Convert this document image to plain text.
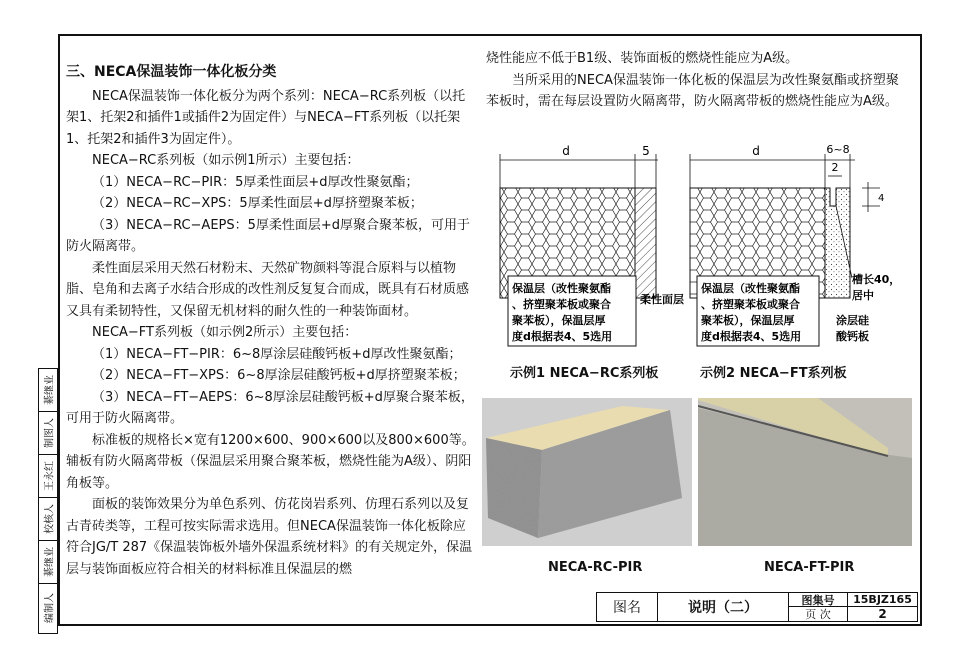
三、NECA保温装饰一体化板分类

NECA保温装饰一体化板分为两个系列：NECA−RC系列板（以托架1、托架2和插件1或插件2为固定件）与NECA−FT系列板（以托架1、托架2和插件3为固定件）。

NECA−RC系列板（如示例1所示）主要包括：

（1）NECA−RC−PIR：5厚柔性面层+d厚改性聚氨酯；

（2）NECA−RC−XPS：5厚柔性面层+d厚挤塑聚苯板；

（3）NECA−RC−AEPS：5厚柔性面层+d厚聚合聚苯板，可用于防火隔离带。

柔性面层采用天然石材粉末、天然矿物颜料等混合原料与以植物脂、皂角和去离子水结合形成的改性剂反复复合而成，既具有石材质感又具有柔韧特性，又保留无机材料的耐久性的一种装饰面材。

NECA−FT系列板（如示例2所示）主要包括：

（1）NECA−FT−PIR：6~8厚涂层硅酸钙板+d厚改性聚氨酯；

（2）NECA−FT−XPS：6~8厚涂层硅酸钙板+d厚挤塑聚苯板；

（3）NECA−FT−AEPS：6~8厚涂层硅酸钙板+d厚聚合聚苯板，可用于防火隔离带。

标准板的规格长×宽有1200×600、900×600以及800×600等。辅板有防火隔离带板（保温层采用聚合聚苯板，燃烧性能为A级）、阴阳角板等。

面板的装饰效果分为单色系列、仿花岗岩系列、仿理石系列以及复古青砖类等，工程可按实际需求选用。但NECA保温装饰一体化板除应符合JG/T 287《保温装饰板外墙外保温系统材料》的有关规定外，保温层与装饰面板应符合相关的材料标准且保温层的燃

烧性能应不低于B1级、装饰面板的燃烧性能应为A级。

当所采用的NECA保温装饰一体化板的保温层为改性聚氨酯或挤塑聚苯板时，需在每层设置防火隔离带，防火隔离带板的燃烧性能应为A级。

d	5
保温层（改性聚氨酯
、挤塑聚苯板或聚合
聚苯板），保温层厚
度d根据表4、5选用
柔性面层
d	6~8
2
4
保温层（改性聚氨酯
、挤塑聚苯板或聚合
聚苯板），保温层厚
度d根据表4、5选用
槽长40，
居中
涂层硅
酸钙板
示例1 NECA−RC系列板	示例2 NECA−FT系列板
NECA-RC-PIR	NECA-FT-PIR
綦继业
制图人
王永红
校核人
綦继业
编制人	图名	说明（二）	图集号	15BJZ165
页 次	2
